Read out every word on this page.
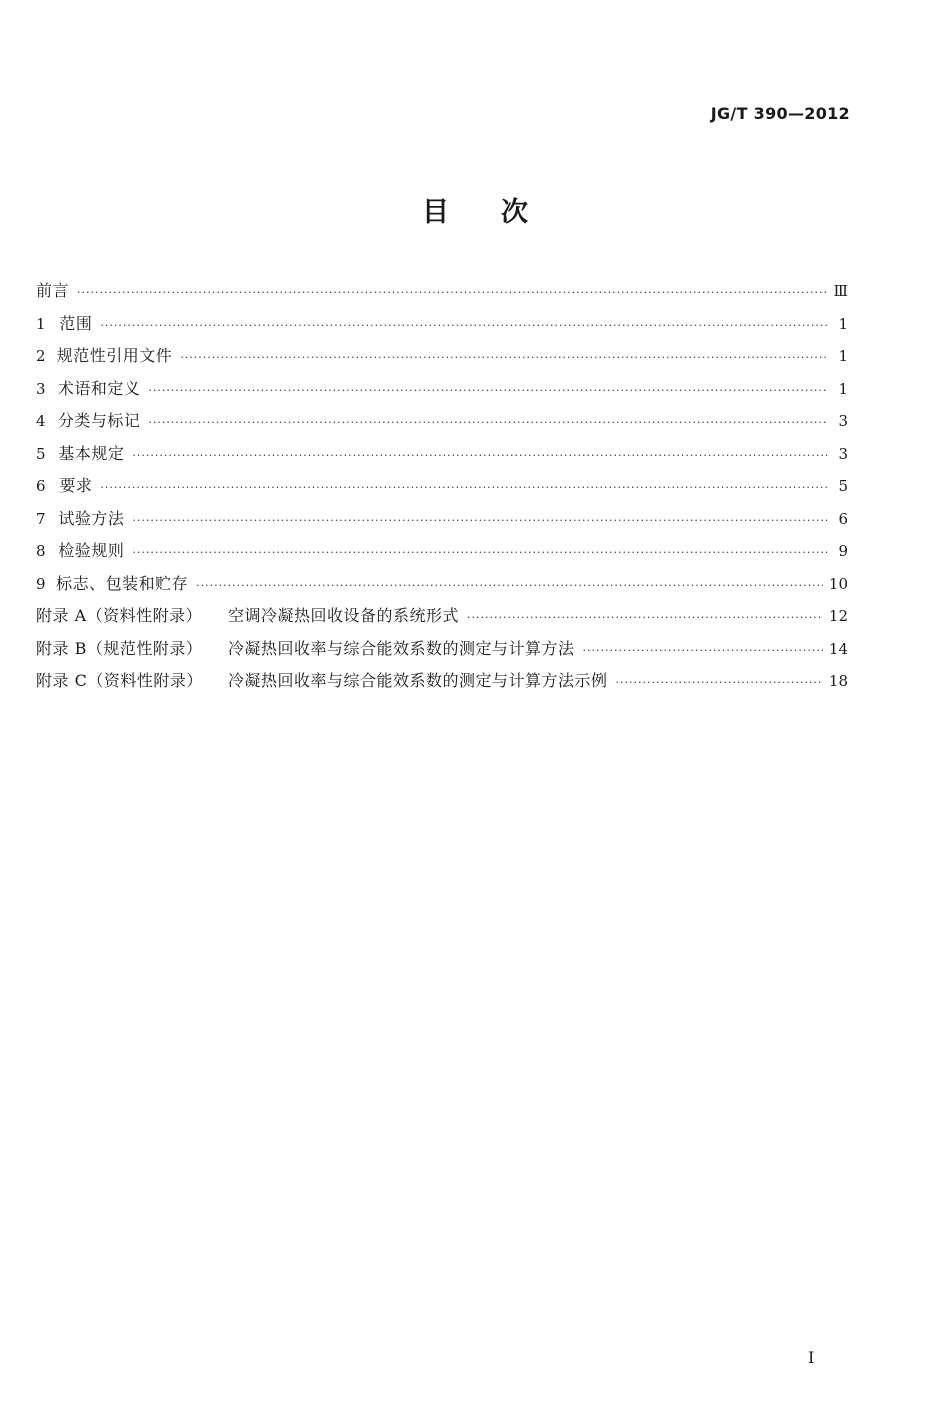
JG/T 390—2012
目 次
前言 ·····	Ⅲ
1 范围 ·····	1
2 规范性引用文件 ·····	1
3 术语和定义 ·····	1
4 分类与标记 ·····	3
5 基本规定 ·····	3
6 要求 ·····	5
7 试验方法 ·····	6
8 检验规则 ·····	9
9 标志、包装和贮存 ·····	10
附录 A（资料性附录）	空调冷凝热回收设备的系统形式 ·····	12
附录 B（规范性附录）	冷凝热回收率与综合能效系数的测定与计算方法 ·····	14
附录 C（资料性附录）	冷凝热回收率与综合能效系数的测定与计算方法示例 ·····	18
I
